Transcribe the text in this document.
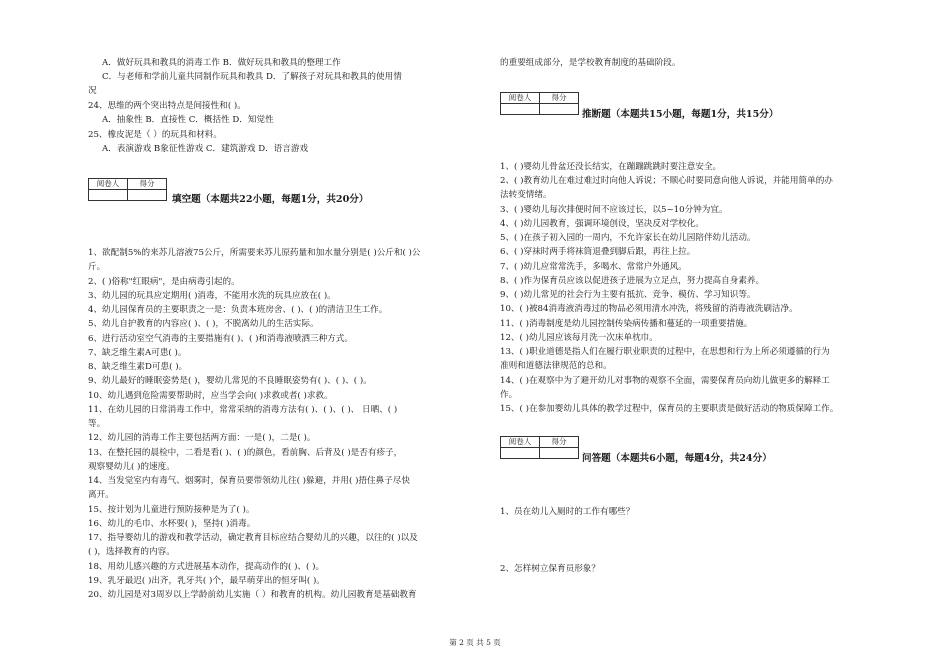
A．做好玩具和教具的消毒工作 B．做好玩具和教具的整理工作
C．与老师和学前儿童共同制作玩具和教具 D．了解孩子对玩具和教具的使用情
况
24、思维的两个突出特点是间接性和( )。
A．抽象性 B．直接性 C．概括性 D．知觉性
25、橡皮泥是（ ）的玩具和材料。
A．表演游戏 B象征性游戏 C．建筑游戏 D．语言游戏
阅卷人	得分

填空题（本题共22小题，每题1分，共20分）
1、欲配制5%的来苏儿溶液75公斤，所需要来苏儿原药量和加水量分别是( )公斤和( )公
斤。
2、( )俗称"红眼病"，是由病毒引起的。
3、幼儿园的玩具应定期用( )消毒，不能用水洗的玩具应放在( )。
4、幼儿园保育员的主要职责之一是：负责本班房舍、( )、( )的清洁卫生工作。
5、幼儿自护教育的内容应( )、( )，不脱离幼儿的生活实际。
6、进行活动室空气消毒的主要措施有( )、( )和消毒液喷洒三种方式。
7、缺乏维生素A可患( )。
8、缺乏维生素D可患( )。
9、幼儿最好的睡眠姿势是( )，婴幼儿常见的不良睡眠姿势有( )、( )、( )。
10、幼儿遇到危险需要帮助时，应当学会向( )求救或者( )求救。
11、在幼儿园的日常消毒工作中，常常采纳的消毒方法有( )、( )、( )、 日晒、( )
等。
12、幼儿园的消毒工作主要包括两方面：一是( )，二是( )。
13、在整托园的晨检中，二看是看( )、( )的颜色，看前胸、后背及( )是否有疹子，
观察婴幼儿( )的速度。
14、当发觉室内有毒气、烟雾时，保育员要带领幼儿往( )躲避，并用( )捂住鼻子尽快
离开。
15、按计划为儿童进行预防接种是为了( )。
16、幼儿的毛巾、水杯要( )，坚持( )消毒。
17、指导婴幼儿的游戏和教学活动，确定教育目标应结合婴幼儿的兴趣，以往的( )以及
( )，选择教育的内容。
18、用幼儿感兴趣的方式进展基本动作，提高动作的( )、( )。
19、乳牙最迟( )出齐，乳牙共( )个，最早萌芽出的恒牙叫( )。
20、幼儿园是对3周岁以上学龄前幼儿实施（ ）和教育的机构。幼儿园教育是基础教育
的重要组成部分，是学校教育制度的基础阶段。
阅卷人	得分

推断题（本题共15小题，每题1分，共15分）
1、( )婴幼儿骨盆还没长结实，在蹦蹦跳跳时要注意安全。
2、( )教育幼儿在难过难过时向他人诉说；不顺心时要同意向他人诉说，并能用简单的办
法转变情绪。
3、( )婴幼儿每次排便时间不应该过长，以5~10分钟为宜。
4、( )幼儿园教育，强调环境创设，坚决反对学校化。
5、( )在孩子初入园的一周内，不允许家长在幼儿园陪伴幼儿活动。
6、( )穿袜时两手将袜筒退叠到脚后跟，再往上拉。
7、( )幼儿应常常洗手，多喝水、常常户外通风。
8、( )作为保育员应该以促进孩子进展为立足点，努力提高自身素养。
9、( )幼儿常见的社会行为主要有抵抗、竞争、模仿、学习知识等。
10、( )被84消毒液消毒过的物品必须用清水冲洗，将残留的消毒液洗刷洁净。
11、( )消毒制度是幼儿园控制传染病传播和蔓延的一项重要措施。
12、( )幼儿园应该每月洗一次床单枕巾。
13、( )职业道德是指人们在履行职业职责的过程中，在思想和行为上所必须遵循的行为
准则和道德法律规范的总和。
14、( )在观察中为了避开幼儿对事物的观察不全面，需要保育员向幼儿做更多的解释工
作。
15、( )在参加婴幼儿具体的教学过程中，保育员的主要职责是做好活动的物质保障工作。
阅卷人	得分

问答题（本题共6小题，每题4分，共24分）
1、员在幼儿入厕时的工作有哪些？
2、怎样树立保育员形象？
第 2 页 共 5 页
